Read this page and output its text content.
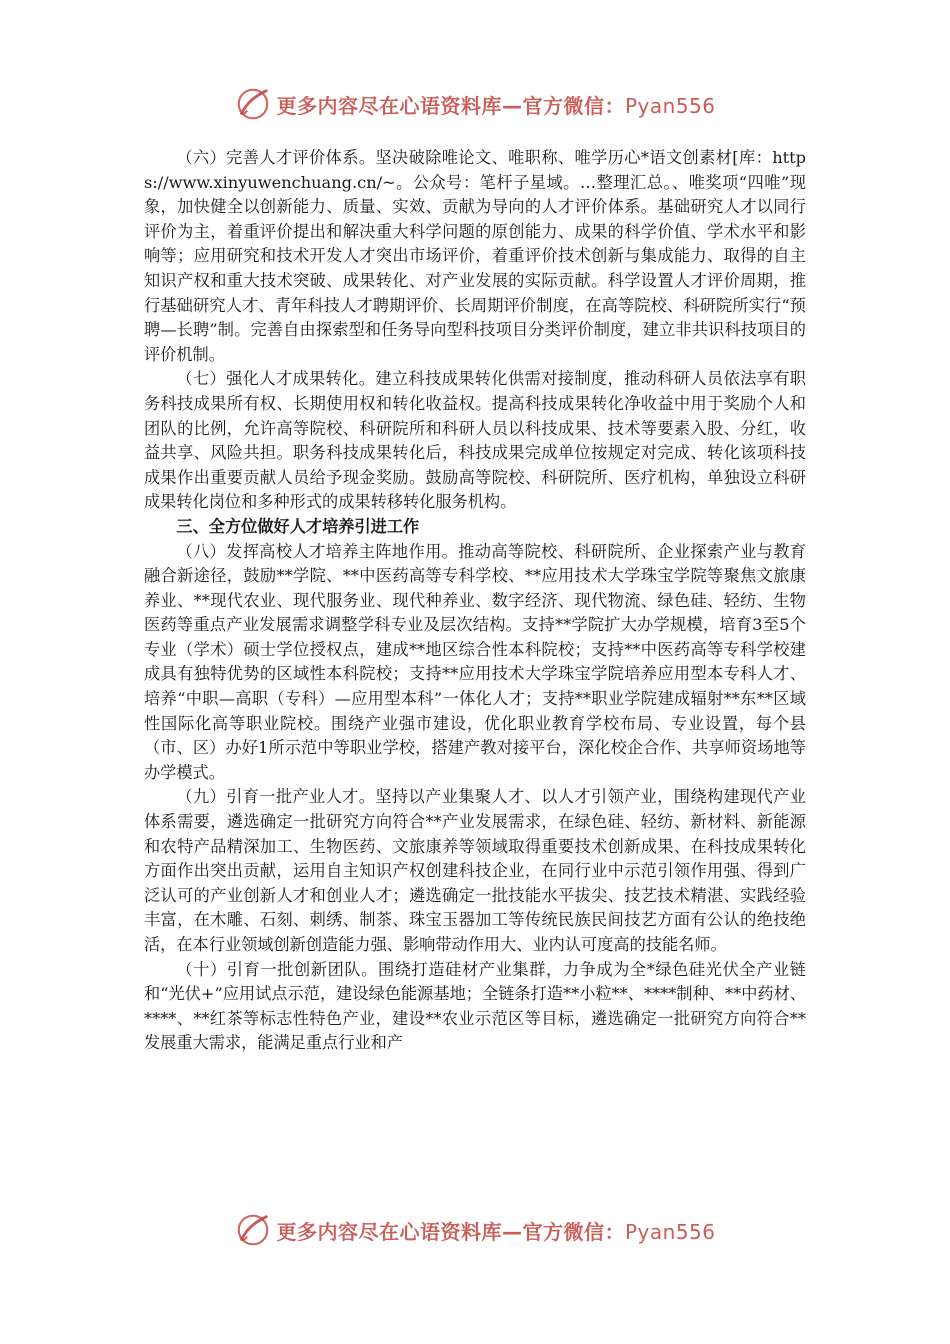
更多内容尽在心语资料库—官方微信：Pyan556

（六）完善人才评价体系。坚决破除唯论文、唯职称、唯学历心*语文创素材[库：https://www.xinyuwenchuang.cn/~。公众号：笔杆子星域。…整理汇总。、唯奖项“四唯”现象，加快健全以创新能力、质量、实效、贡献为导向的人才评价体系。基础研究人才以同行评价为主，着重评价提出和解决重大科学问题的原创能力、成果的科学价值、学术水平和影响等；应用研究和技术开发人才突出市场评价，着重评价技术创新与集成能力、取得的自主知识产权和重大技术突破、成果转化、对产业发展的实际贡献。科学设置人才评价周期，推行基础研究人才、青年科技人才聘期评价、长周期评价制度，在高等院校、科研院所实行“预聘—长聘”制。完善自由探索型和任务导向型科技项目分类评价制度，建立非共识科技项目的评价机制。

（七）强化人才成果转化。建立科技成果转化供需对接制度，推动科研人员依法享有职务科技成果所有权、长期使用权和转化收益权。提高科技成果转化净收益中用于奖励个人和团队的比例，允许高等院校、科研院所和科研人员以科技成果、技术等要素入股、分红，收益共享、风险共担。职务科技成果转化后，科技成果完成单位按规定对完成、转化该项科技成果作出重要贡献人员给予现金奖励。鼓励高等院校、科研院所、医疗机构，单独设立科研成果转化岗位和多种形式的成果转移转化服务机构。

三、全方位做好人才培养引进工作

（八）发挥高校人才培养主阵地作用。推动高等院校、科研院所、企业探索产业与教育融合新途径，鼓励**学院、**中医药高等专科学校、**应用技术大学珠宝学院等聚焦文旅康养业、**现代农业、现代服务业、现代种养业、数字经济、现代物流、绿色硅、轻纺、生物医药等重点产业发展需求调整学科专业及层次结构。支持**学院扩大办学规模，培育3至5个专业（学术）硕士学位授权点，建成**地区综合性本科院校；支持**中医药高等专科学校建成具有独特优势的区域性本科院校；支持**应用技术大学珠宝学院培养应用型本专科人才、培养“中职—高职（专科）—应用型本科”一体化人才；支持**职业学院建成辐射**东**区域性国际化高等职业院校。围绕产业强市建设，优化职业教育学校布局、专业设置，每个县（市、区）办好1所示范中等职业学校，搭建产教对接平台，深化校企合作、共享师资场地等办学模式。

（九）引育一批产业人才。坚持以产业集聚人才、以人才引领产业，围绕构建现代产业体系需要，遴选确定一批研究方向符合**产业发展需求，在绿色硅、轻纺、新材料、新能源和农特产品精深加工、生物医药、文旅康养等领域取得重要技术创新成果、在科技成果转化方面作出突出贡献，运用自主知识产权创建科技企业，在同行业中示范引领作用强、得到广泛认可的产业创新人才和创业人才；遴选确定一批技能水平拔尖、技艺技术精湛、实践经验丰富，在木雕、石刻、刺绣、制茶、珠宝玉器加工等传统民族民间技艺方面有公认的绝技绝活，在本行业领域创新创造能力强、影响带动作用大、业内认可度高的技能名师。

（十）引育一批创新团队。围绕打造硅材产业集群，力争成为全*绿色硅光伏全产业链和“光伏+”应用试点示范，建设绿色能源基地；全链条打造**小粒**、****制种、**中药材、****、**红茶等标志性特色产业，建设**农业示范区等目标，遴选确定一批研究方向符合**发展重大需求，能满足重点行业和产

更多内容尽在心语资料库—官方微信：Pyan556
